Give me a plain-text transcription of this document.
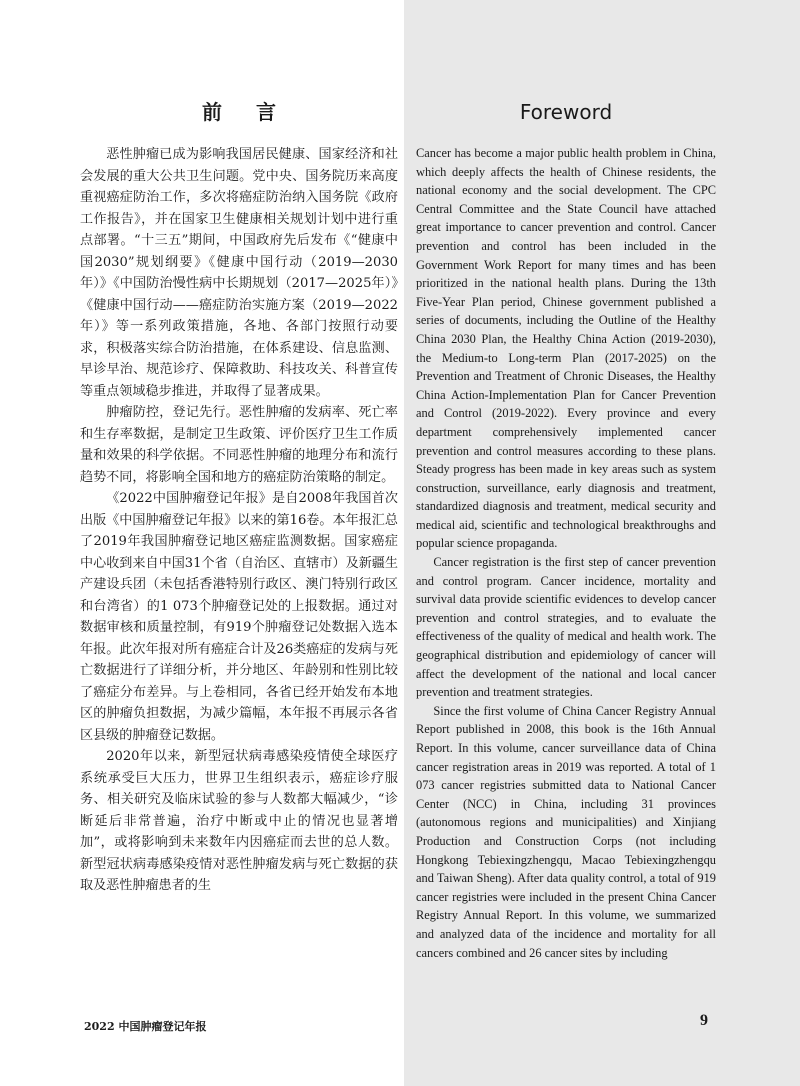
前言

恶性肿瘤已成为影响我国居民健康、国家经济和社会发展的重大公共卫生问题。党中央、国务院历来高度重视癌症防治工作，多次将癌症防治纳入国务院《政府工作报告》，并在国家卫生健康相关规划计划中进行重点部署。“十三五”期间，中国政府先后发布《“健康中国2030”规划纲要》《健康中国行动（2019—2030年）》《中国防治慢性病中长期规划（2017—2025年）》《健康中国行动——癌症防治实施方案（2019—2022年）》等一系列政策措施，各地、各部门按照行动要求，积极落实综合防治措施，在体系建设、信息监测、早诊早治、规范诊疗、保障救助、科技攻关、科普宣传等重点领域稳步推进，并取得了显著成果。

肿瘤防控，登记先行。恶性肿瘤的发病率、死亡率和生存率数据，是制定卫生政策、评价医疗卫生工作质量和效果的科学依据。不同恶性肿瘤的地理分布和流行趋势不同，将影响全国和地方的癌症防治策略的制定。

《2022中国肿瘤登记年报》是自2008年我国首次出版《中国肿瘤登记年报》以来的第16卷。本年报汇总了2019年我国肿瘤登记地区癌症监测数据。国家癌症中心收到来自中国31个省（自治区、直辖市）及新疆生产建设兵团（未包括香港特别行政区、澳门特别行政区和台湾省）的1 073个肿瘤登记处的上报数据。通过对数据审核和质量控制，有919个肿瘤登记处数据入选本年报。此次年报对所有癌症合计及26类癌症的发病与死亡数据进行了详细分析，并分地区、年龄别和性别比较了癌症分布差异。与上卷相同，各省已经开始发布本地区的肿瘤负担数据，为减少篇幅，本年报不再展示各省区县级的肿瘤登记数据。

2020年以来，新型冠状病毒感染疫情使全球医疗系统承受巨大压力，世界卫生组织表示，癌症诊疗服务、相关研究及临床试验的参与人数都大幅减少，“诊断延后非常普遍，治疗中断或中止的情况也显著增加”，或将影响到未来数年内因癌症而去世的总人数。新型冠状病毒感染疫情对恶性肿瘤发病与死亡数据的获取及恶性肿瘤患者的生

Foreword

Cancer has become a major public health problem in China, which deeply affects the health of Chinese residents, the national economy and the social development. The CPC Central Committee and the State Council have attached great importance to cancer prevention and control. Cancer prevention and control has been included in the Government Work Report for many times and has been prioritized in the national health plans. During the 13th Five-Year Plan period, Chinese government published a series of documents, including the Outline of the Healthy China 2030 Plan, the Healthy China Action (2019-2030), the Medium-to Long-term Plan (2017-2025) on the Prevention and Treatment of Chronic Diseases, the Healthy China Action-Implementation Plan for Cancer Prevention and Control (2019-2022). Every province and every department comprehensively implemented cancer prevention and control measures according to these plans. Steady progress has been made in key areas such as system construction, surveillance, early diagnosis and treatment, standardized diagnosis and treatment, medical security and medical aid, scientific and technological breakthroughs and popular science propaganda.

Cancer registration is the first step of cancer prevention and control program. Cancer incidence, mortality and survival data provide scientific evidences to develop cancer prevention and control strategies, and to evaluate the effectiveness of the quality of medical and health work. The geographical distribution and epidemiology of cancer will affect the development of the national and local cancer prevention and treatment strategies.

Since the first volume of China Cancer Registry Annual Report published in 2008, this book is the 16th Annual Report. In this volume, cancer surveillance data of China cancer registration areas in 2019 was reported. A total of 1 073 cancer registries submitted data to National Cancer Center (NCC) in China, including 31 provinces (autonomous regions and municipalities) and Xinjiang Production and Construction Corps (not including Hongkong Tebiexingzhengqu, Macao Tebiexingzhengqu and Taiwan Sheng). After data quality control, a total of 919 cancer registries were included in the present China Cancer Registry Annual Report. In this volume, we summarized and analyzed data of the incidence and mortality for all cancers combined and 26 cancer sites by including

2022 中国肿瘤登记年报	9
